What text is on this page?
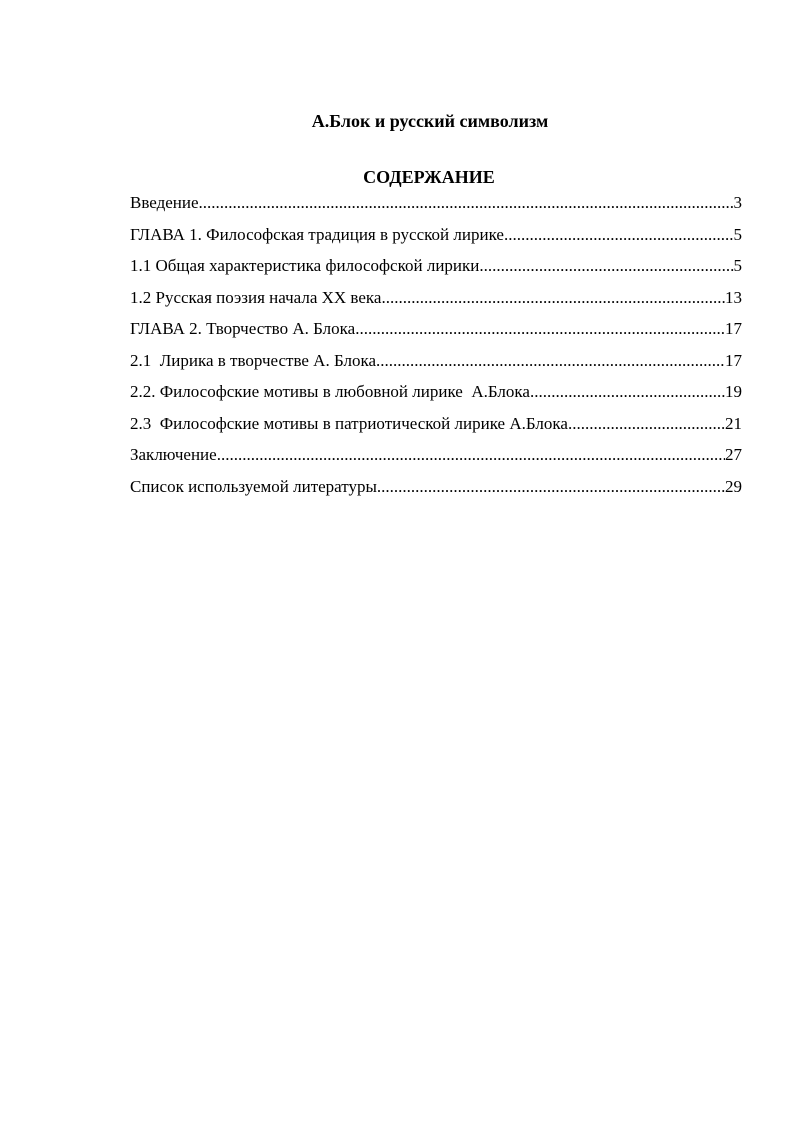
А.Блок и русский символизм
СОДЕРЖАНИЕ
Введение .....	3
ГЛАВА 1. Философская традиция в русской лирике .....	5
1.1 Общая характеристика философской лирики .....	5
1.2 Русская поэзия начала XX века .....	13
ГЛАВА 2. Творчество А. Блока .....	17
2.1  Лирика в творчестве А. Блока .....	17
2.2. Философские мотивы в любовной лирике  А.Блока .....	19
2.3  Философские мотивы в патриотической лирике А.Блока .....	21
Заключение .....	27
Список используемой литературы .....	29
